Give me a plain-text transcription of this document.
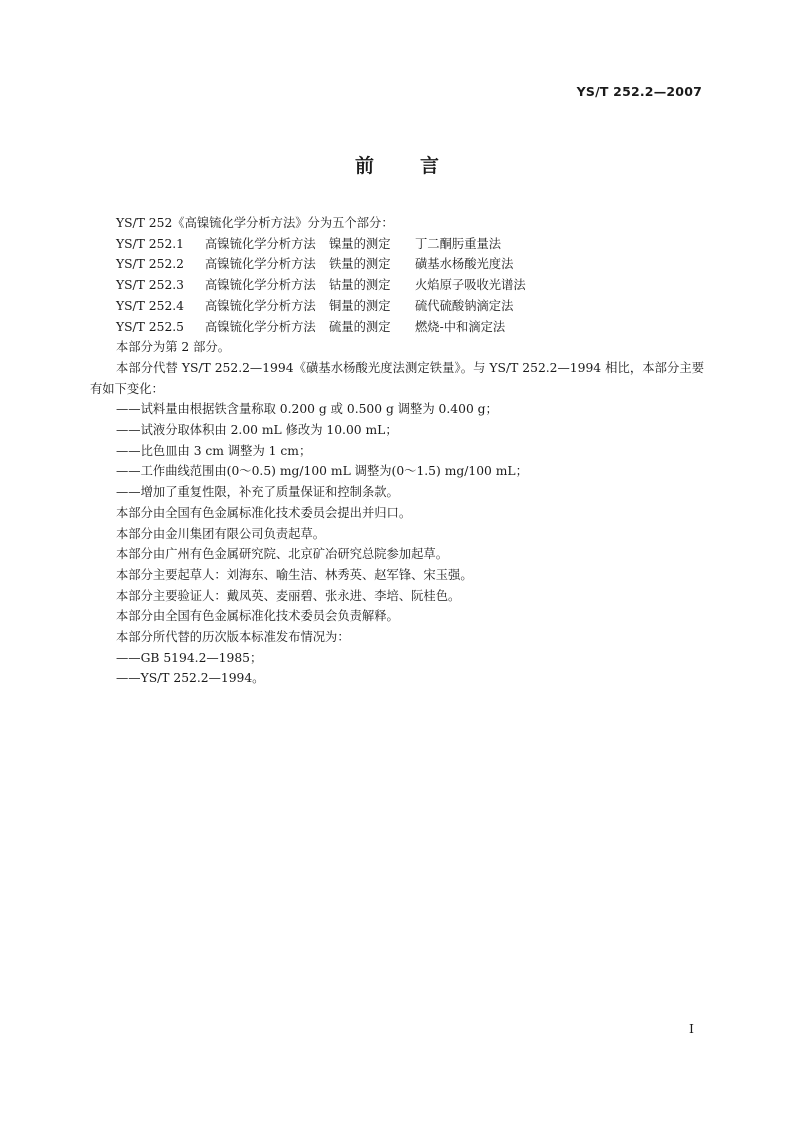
YS/T 252.2—2007
前 言

YS/T 252《高镍锍化学分析方法》分为五个部分：

YS/T 252.1 高镍锍化学分析方法 镍量的测定 丁二酮肟重量法
YS/T 252.2 高镍锍化学分析方法 铁量的测定 磺基水杨酸光度法
YS/T 252.3 高镍锍化学分析方法 钴量的测定 火焰原子吸收光谱法
YS/T 252.4 高镍锍化学分析方法 铜量的测定 硫代硫酸钠滴定法
YS/T 252.5 高镍锍化学分析方法 硫量的测定 燃烧-中和滴定法

本部分为第 2 部分。

本部分代替 YS/T 252.2—1994《磺基水杨酸光度法测定铁量》。与 YS/T 252.2—1994 相比，本部分主要有如下变化：

——试料量由根据铁含量称取 0.200 g 或 0.500 g 调整为 0.400 g；
——试液分取体积由 2.00 mL 修改为 10.00 mL；
——比色皿由 3 cm 调整为 1 cm；
——工作曲线范围由(0～0.5) mg/100 mL 调整为(0～1.5) mg/100 mL；
——增加了重复性限，补充了质量保证和控制条款。

本部分由全国有色金属标准化技术委员会提出并归口。

本部分由金川集团有限公司负责起草。

本部分由广州有色金属研究院、北京矿冶研究总院参加起草。

本部分主要起草人：刘海东、喻生洁、林秀英、赵军锋、宋玉强。

本部分主要验证人：戴凤英、麦丽碧、张永进、李培、阮桂色。

本部分由全国有色金属标准化技术委员会负责解释。

本部分所代替的历次版本标准发布情况为：

——GB 5194.2—1985；
——YS/T 252.2—1994。
I
